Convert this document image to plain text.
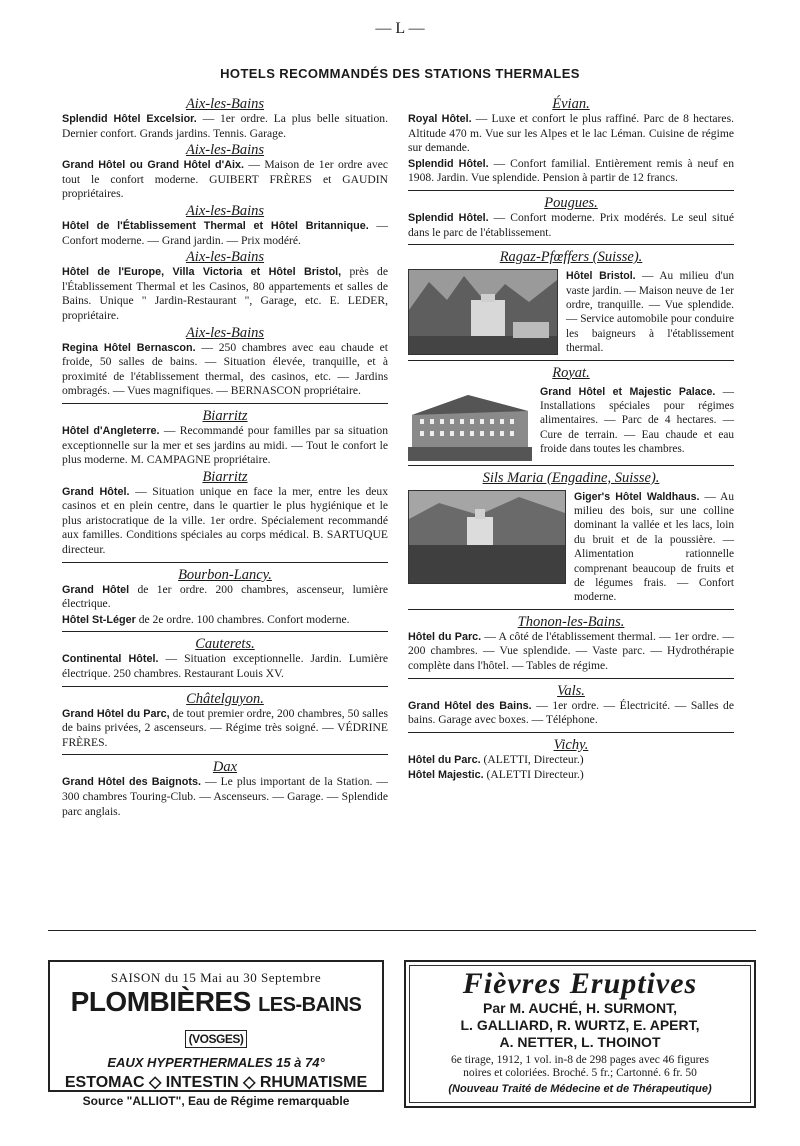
— L —
HOTELS RECOMMANDÉS DES STATIONS THERMALES

Aix-les-Bains

Splendid Hôtel Excelsior. — 1er ordre. La plus belle situation. Dernier confort. Grands jardins. Tennis. Garage.

Aix-les-Bains

Grand Hôtel ou Grand Hôtel d'Aix. — Maison de 1er ordre avec tout le confort moderne. GUIBERT FRÈRES et GAUDIN propriétaires.

Aix-les-Bains

Hôtel de l'Établissement Thermal et Hôtel Britannique. — Confort moderne. — Grand jardin. — Prix modéré.

Aix-les-Bains

Hôtel de l'Europe, Villa Victoria et Hôtel Bristol, près de l'Établissement Thermal et les Casinos, 80 appartements et salles de Bains. Unique " Jardin-Restaurant ", Garage, etc. E. LEDER, propriétaire.

Aix-les-Bains

Regina Hôtel Bernascon. — 250 chambres avec eau chaude et froide, 50 salles de bains. — Situation élevée, tranquille, et à proximité de l'établissement thermal, des casinos, etc. — Jardins ombragés. — Vues magnifiques. — BERNASCON propriétaire.

Biarritz

Hôtel d'Angleterre. — Recommandé pour familles par sa situation exceptionnelle sur la mer et ses jardins au midi. — Tout le confort le plus moderne. M. CAMPAGNE propriétaire.

Biarritz

Grand Hôtel. — Situation unique en face la mer, entre les deux casinos et en plein centre, dans le quartier le plus hygiénique et le plus aristocratique de la ville. 1er ordre. Spécialement recommandé aux familles. Conditions spéciales au corps médical. B. SARTUQUE directeur.

Bourbon-Lancy.

Grand Hôtel de 1er ordre. 200 chambres, ascenseur, lumière électrique.

Hôtel St-Léger de 2e ordre. 100 chambres. Confort moderne.

Cauterets.

Continental Hôtel. — Situation exceptionnelle. Jardin. Lumière électrique. 250 chambres. Restaurant Louis XV.

Châtelguyon.

Grand Hôtel du Parc, de tout premier ordre, 200 chambres, 50 salles de bains privées, 2 ascenseurs. — Régime très soigné. — VÉDRINE FRÈRES.

Dax

Grand Hôtel des Baignots. — Le plus important de la Station. — 300 chambres Touring-Club. — Ascenseurs. — Garage. — Splendide parc anglais.

Évian.

Royal Hôtel. — Luxe et confort le plus raffiné. Parc de 8 hectares. Altitude 470 m. Vue sur les Alpes et le lac Léman. Cuisine de régime sur demande.

Splendid Hôtel. — Confort familial. Entièrement remis à neuf en 1908. Jardin. Vue splendide. Pension à partir de 12 francs.

Pougues.

Splendid Hôtel. — Confort moderne. Prix modérés. Le seul situé dans le parc de l'établissement.

Ragaz-Pfœffers (Suisse).

Hôtel Bristol. — Au milieu d'un vaste jardin. — Maison neuve de 1er ordre, tranquille. — Vue splendide. — Service automobile pour conduire les baigneurs à l'établissement thermal.

Royat.

Grand Hôtel et Majestic Palace. — Installations spéciales pour régimes alimentaires. — Parc de 4 hectares. — Cure de terrain. — Eau chaude et eau froide dans toutes les chambres.

Sils Maria (Engadine, Suisse).

Giger's Hôtel Waldhaus. — Au milieu des bois, sur une colline dominant la vallée et les lacs, loin du bruit et de la poussière. — Alimentation rationnelle comprenant beaucoup de fruits et de légumes frais. — Confort moderne.

Thonon-les-Bains.

Hôtel du Parc. — A côté de l'établissement thermal. — 1er ordre. — 200 chambres. — Vue splendide. — Vaste parc. — Hydrothérapie complète dans l'hôtel. — Tables de régime.

Vals.

Grand Hôtel des Bains. — 1er ordre. — Électricité. — Salles de bains. Garage avec boxes. — Téléphone.

Vichy.

Hôtel du Parc. (ALETTI, Directeur.)

Hôtel Majestic. (ALETTI Directeur.)

SAISON du 15 Mai au 30 Septembre
PLOMBIÈRES LES-BAINS (VOSGES)
EAUX HYPERTHERMALES 15 à 74°
ESTOMAC ◇ INTESTIN ◇ RHUMATISME
Source "ALLIOT", Eau de Régime remarquable
Fièvres Eruptives
Par M. AUCHÉ, H. SURMONT,
L. GALLIARD, R. WURTZ, E. APERT,
A. NETTER, L. THOINOT
6e tirage, 1912, 1 vol. in-8 de 298 pages avec 46 figures
noires et coloriées. Broché. 5 fr.; Cartonné. 6 fr. 50
(Nouveau Traité de Médecine et de Thérapeutique)
